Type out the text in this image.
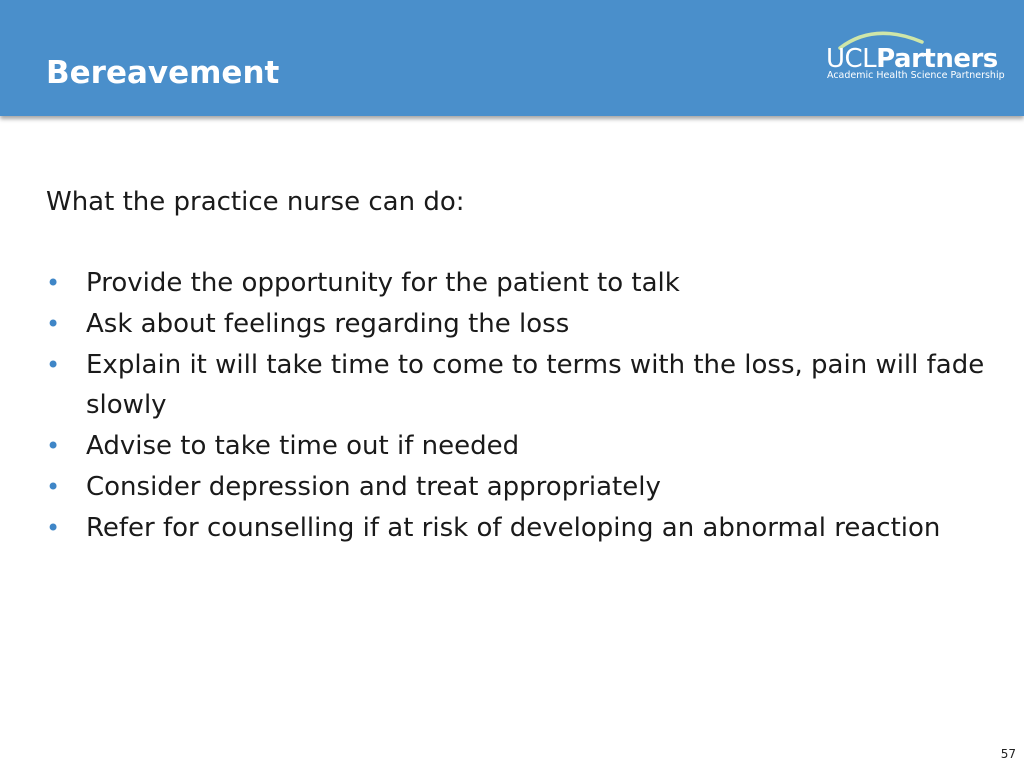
Bereavement	UCLPartners
Academic Health Science Partnership

What the practice nurse can do:

• Provide the opportunity for the patient to talk
• Ask about feelings regarding the loss
• Explain it will take time to come to terms with the loss, pain will fade slowly
• Advise to take time out if needed
• Consider depression and treat appropriately
• Refer for counselling if at risk of developing an abnormal reaction
57
